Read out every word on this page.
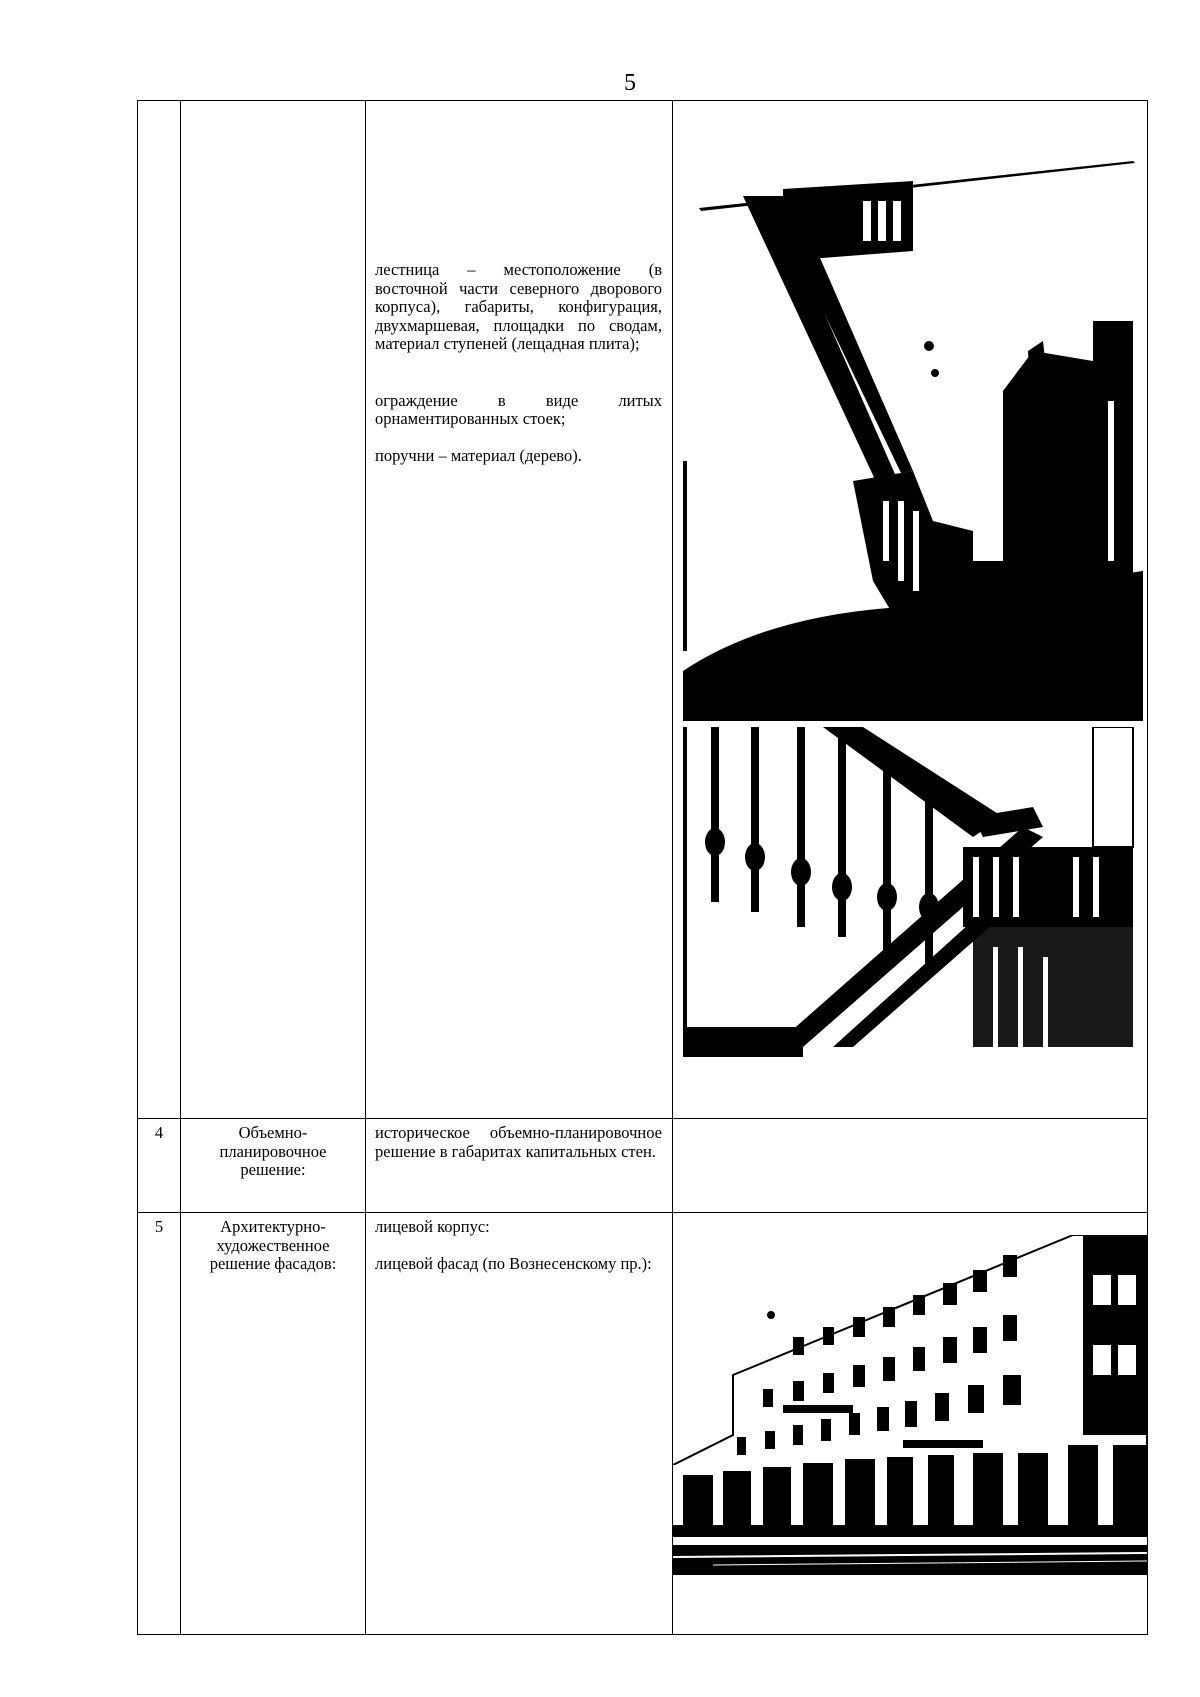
5

		лестница – местоположение (в восточной части северного дворового корпуса), габариты, конфигурация, двухмаршевая, площадки по сводам, материал ступеней (лещадная плита);

ограждение в виде литых орнаментированных стоек;

поручни – материал (дерево).

4	Объемно-планировочное решение:	историческое объемно-планировочное решение в габаритах капитальных стен.	

5	Архитектурно-художественное решение фасадов:	лицевой корпус:

лицевой фасад (по Вознесенскому пр.):
